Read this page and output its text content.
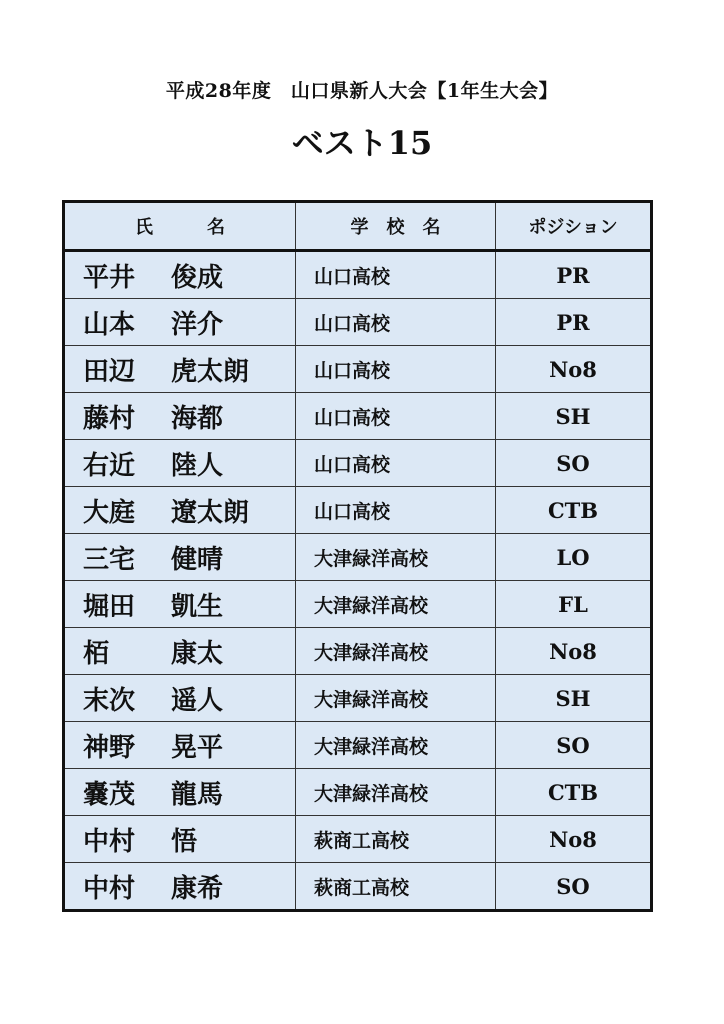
平成28年度　山口県新人大会【1年生大会】
ベスト15
氏　　　名	学　校　名	ポジション
平井 俊成	山口高校	PR
山本 洋介	山口高校	PR
田辺 虎太朗	山口高校	No8
藤村 海都	山口高校	SH
右近 陸人	山口高校	SO
大庭 遼太朗	山口高校	CTB
三宅 健晴	大津緑洋高校	LO
堀田 凱生	大津緑洋高校	FL
栢 康太	大津緑洋高校	No8
末次 遥人	大津緑洋高校	SH
神野 晃平	大津緑洋高校	SO
嚢茂 龍馬	大津緑洋高校	CTB
中村 悟	萩商工高校	No8
中村 康希	萩商工高校	SO
